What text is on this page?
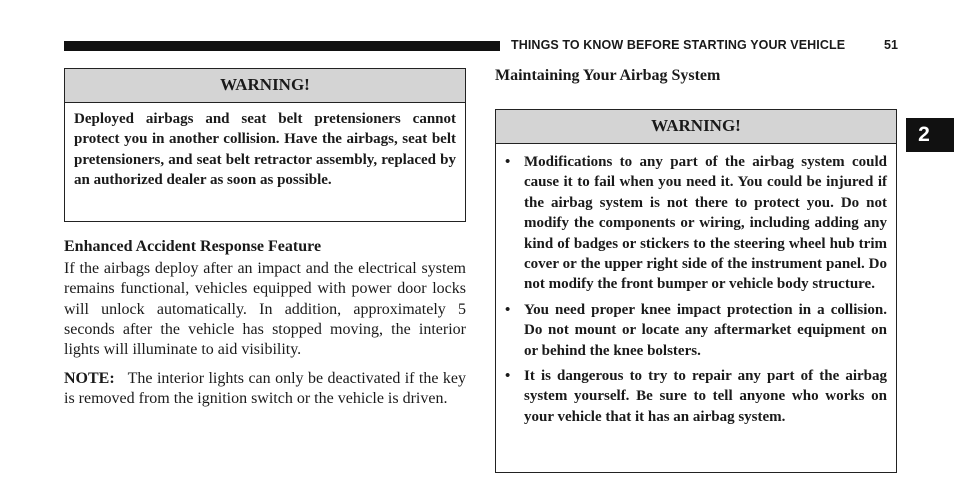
THINGS TO KNOW BEFORE STARTING YOUR VEHICLE	51
2
WARNING!
Deployed airbags and seat belt pretensioners cannot protect you in another collision. Have the airbags, seat belt pretensioners, and seat belt retractor assembly, replaced by an authorized dealer as soon as possible.
Enhanced Accident Response Feature
If the airbags deploy after an impact and the electrical system remains functional, vehicles equipped with power door locks will unlock automatically. In addition, approximately 5 seconds after the vehicle has stopped moving, the interior lights will illuminate to aid visibility.
NOTE: The interior lights can only be deactivated if the key is removed from the ignition switch or the vehicle is driven.
Maintaining Your Airbag System
WARNING!
• Modifications to any part of the airbag system could cause it to fail when you need it. You could be injured if the airbag system is not there to protect you. Do not modify the components or wiring, including adding any kind of badges or stickers to the steering wheel hub trim cover or the upper right side of the instrument panel. Do not modify the front bumper or vehicle body structure.
• You need proper knee impact protection in a collision. Do not mount or locate any aftermarket equipment on or behind the knee bolsters.
• It is dangerous to try to repair any part of the airbag system yourself. Be sure to tell anyone who works on your vehicle that it has an airbag system.
